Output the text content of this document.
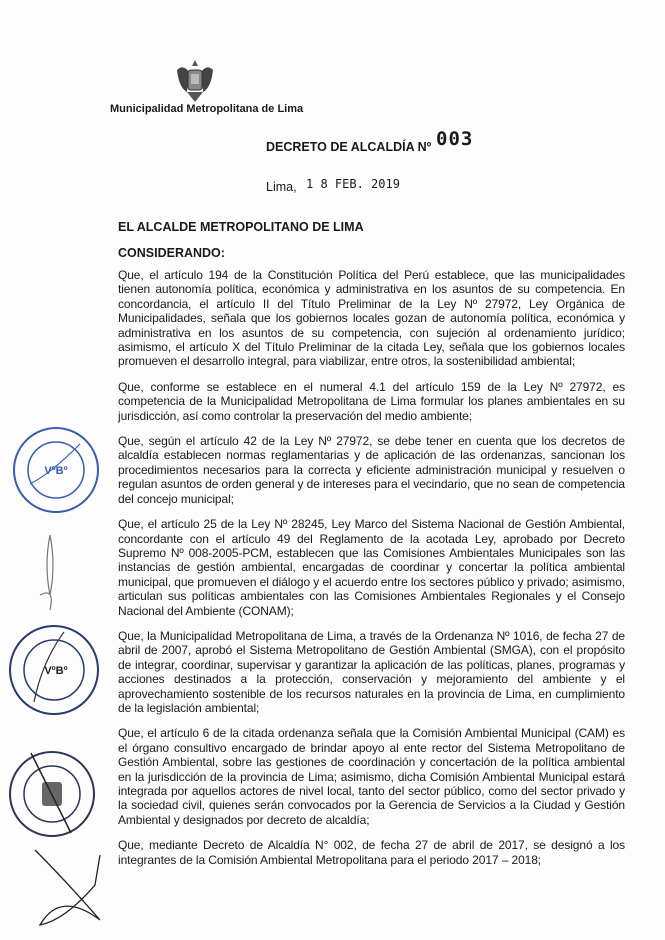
Municipalidad Metropolitana de Lima
DECRETO DE ALCALDÍA Nº 003
Lima, 1 8 FEB. 2019
EL ALCALDE METROPOLITANO DE LIMA
CONSIDERANDO:

Que, el artículo 194 de la Constitución Política del Perú establece, que las municipalidades tienen autonomía política, económica y administrativa en los asuntos de su competencia. En concordancia, el artículo II del Título Preliminar de la Ley Nº 27972, Ley Orgánica de Municipalidades, señala que los gobiernos locales gozan de autonomía política, económica y administrativa en los asuntos de su competencia, con sujeción al ordenamiento jurídico; asimismo, el artículo X del Título Preliminar de la citada Ley, señala que los gobiernos locales promueven el desarrollo integral, para viabilizar, entre otros, la sostenibilidad ambiental;

Que, conforme se establece en el numeral 4.1 del artículo 159 de la Ley Nº 27972, es competencia de la Municipalidad Metropolitana de Lima formular los planes ambientales en su jurisdicción, así como controlar la preservación del medio ambiente;

Que, según el artículo 42 de la Ley Nº 27972, se debe tener en cuenta que los decretos de alcaldía establecen normas reglamentarias y de aplicación de las ordenanzas, sancionan los procedimientos necesarios para la correcta y eficiente administración municipal y resuelven o regulan asuntos de orden general y de intereses para el vecindario, que no sean de competencia del concejo municipal;

Que, el artículo 25 de la Ley Nº 28245, Ley Marco del Sistema Nacional de Gestión Ambiental, concordante con el artículo 49 del Reglamento de la acotada Ley, aprobado por Decreto Supremo Nº 008-2005-PCM, establecen que las Comisiones Ambientales Municipales son las instancias de gestión ambiental, encargadas de coordinar y concertar la política ambiental municipal, que promueven el diálogo y el acuerdo entre los sectores público y privado; asimismo, articulan sus políticas ambientales con las Comisiones Ambientales Regionales y el Consejo Nacional del Ambiente (CONAM);

Que, la Municipalidad Metropolitana de Lima, a través de la Ordenanza Nº 1016, de fecha 27 de abril de 2007, aprobó el Sistema Metropolitano de Gestión Ambiental (SMGA), con el propósito de integrar, coordinar, supervisar y garantizar la aplicación de las políticas, planes, programas y acciones destinados a la protección, conservación y mejoramiento del ambiente y el aprovechamiento sostenible de los recursos naturales en la provincia de Lima, en cumplimiento de la legislación ambiental;

Que, el artículo 6 de la citada ordenanza señala que la Comisión Ambiental Municipal (CAM) es el órgano consultivo encargado de brindar apoyo al ente rector del Sistema Metropolitano de Gestión Ambiental, sobre las gestiones de coordinación y concertación de la política ambiental en la jurisdicción de la provincia de Lima; asimismo, dicha Comisión Ambiental Municipal estará integrada por aquellos actores de nivel local, tanto del sector público, como del sector privado y la sociedad civil, quienes serán convocados por la Gerencia de Servicios a la Ciudad y Gestión Ambiental y designados por decreto de alcaldía;

Que, mediante Decreto de Alcaldía N° 002, de fecha 27 de abril de 2017, se designó a los integrantes de la Comisión Ambiental Metropolitana para el periodo 2017 – 2018;

VºBº
VºBº
